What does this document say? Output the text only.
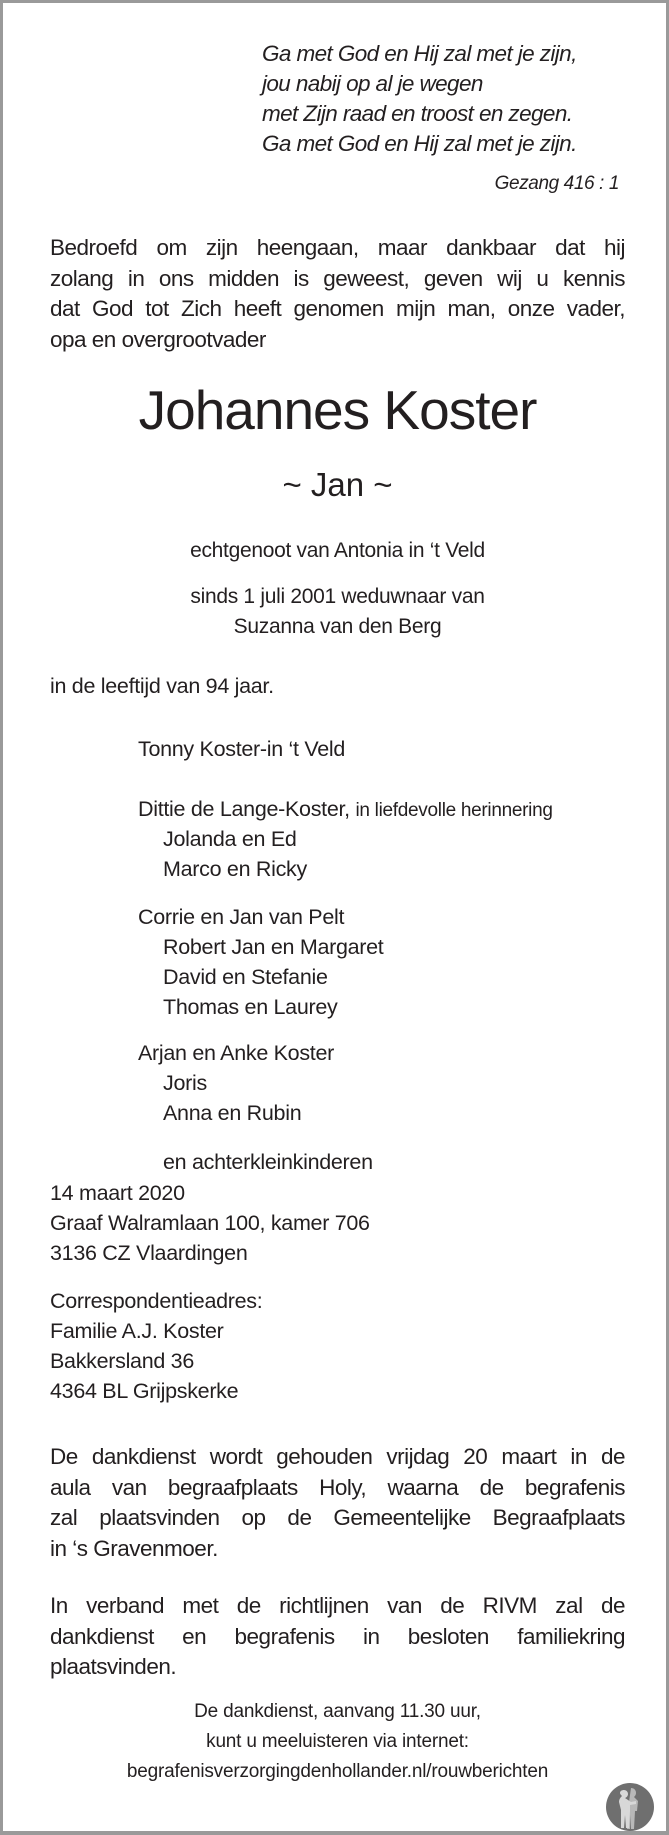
Ga met God en Hij zal met je zijn,

jou nabij op al je wegen

met Zijn raad en troost en zegen.

Ga met God en Hij zal met je zijn.

Gezang 416 : 1

Bedroefd om zijn heengaan, maar dankbaar dat hij
zolang in ons midden is geweest, geven wij u kennis
dat God tot Zich heeft genomen mijn man, onze vader,
opa en overgrootvader

Johannes Koster

~ Jan ~

echtgenoot van Antonia in ‘t Veld

sinds 1 juli 2001 weduwnaar van

Suzanna van den Berg

in de leeftijd van 94 jaar.

Tonny Koster-in ‘t Veld

Dittie de Lange-Koster, in liefdevolle herinnering

Jolanda en Ed

Marco en Ricky

Corrie en Jan van Pelt

Robert Jan en Margaret

David en Stefanie

Thomas en Laurey

Arjan en Anke Koster

Joris

Anna en Rubin

en achterkleinkinderen

14 maart 2020

Graaf Walramlaan 100, kamer 706

3136 CZ Vlaardingen

Correspondentieadres:

Familie A.J. Koster

Bakkersland 36

4364 BL Grijpskerke

De dankdienst wordt gehouden vrijdag 20 maart in de
aula van begraafplaats Holy, waarna de begrafenis
zal plaatsvinden op de Gemeentelijke Begraafplaats
in ‘s Gravenmoer.
In verband met de richtlijnen van de RIVM zal de
dankdienst en begrafenis in besloten familiekring
plaatsvinden.

De dankdienst, aanvang 11.30 uur,

kunt u meeluisteren via internet:

begrafenisverzorgingdenhollander.nl/rouwberichten
